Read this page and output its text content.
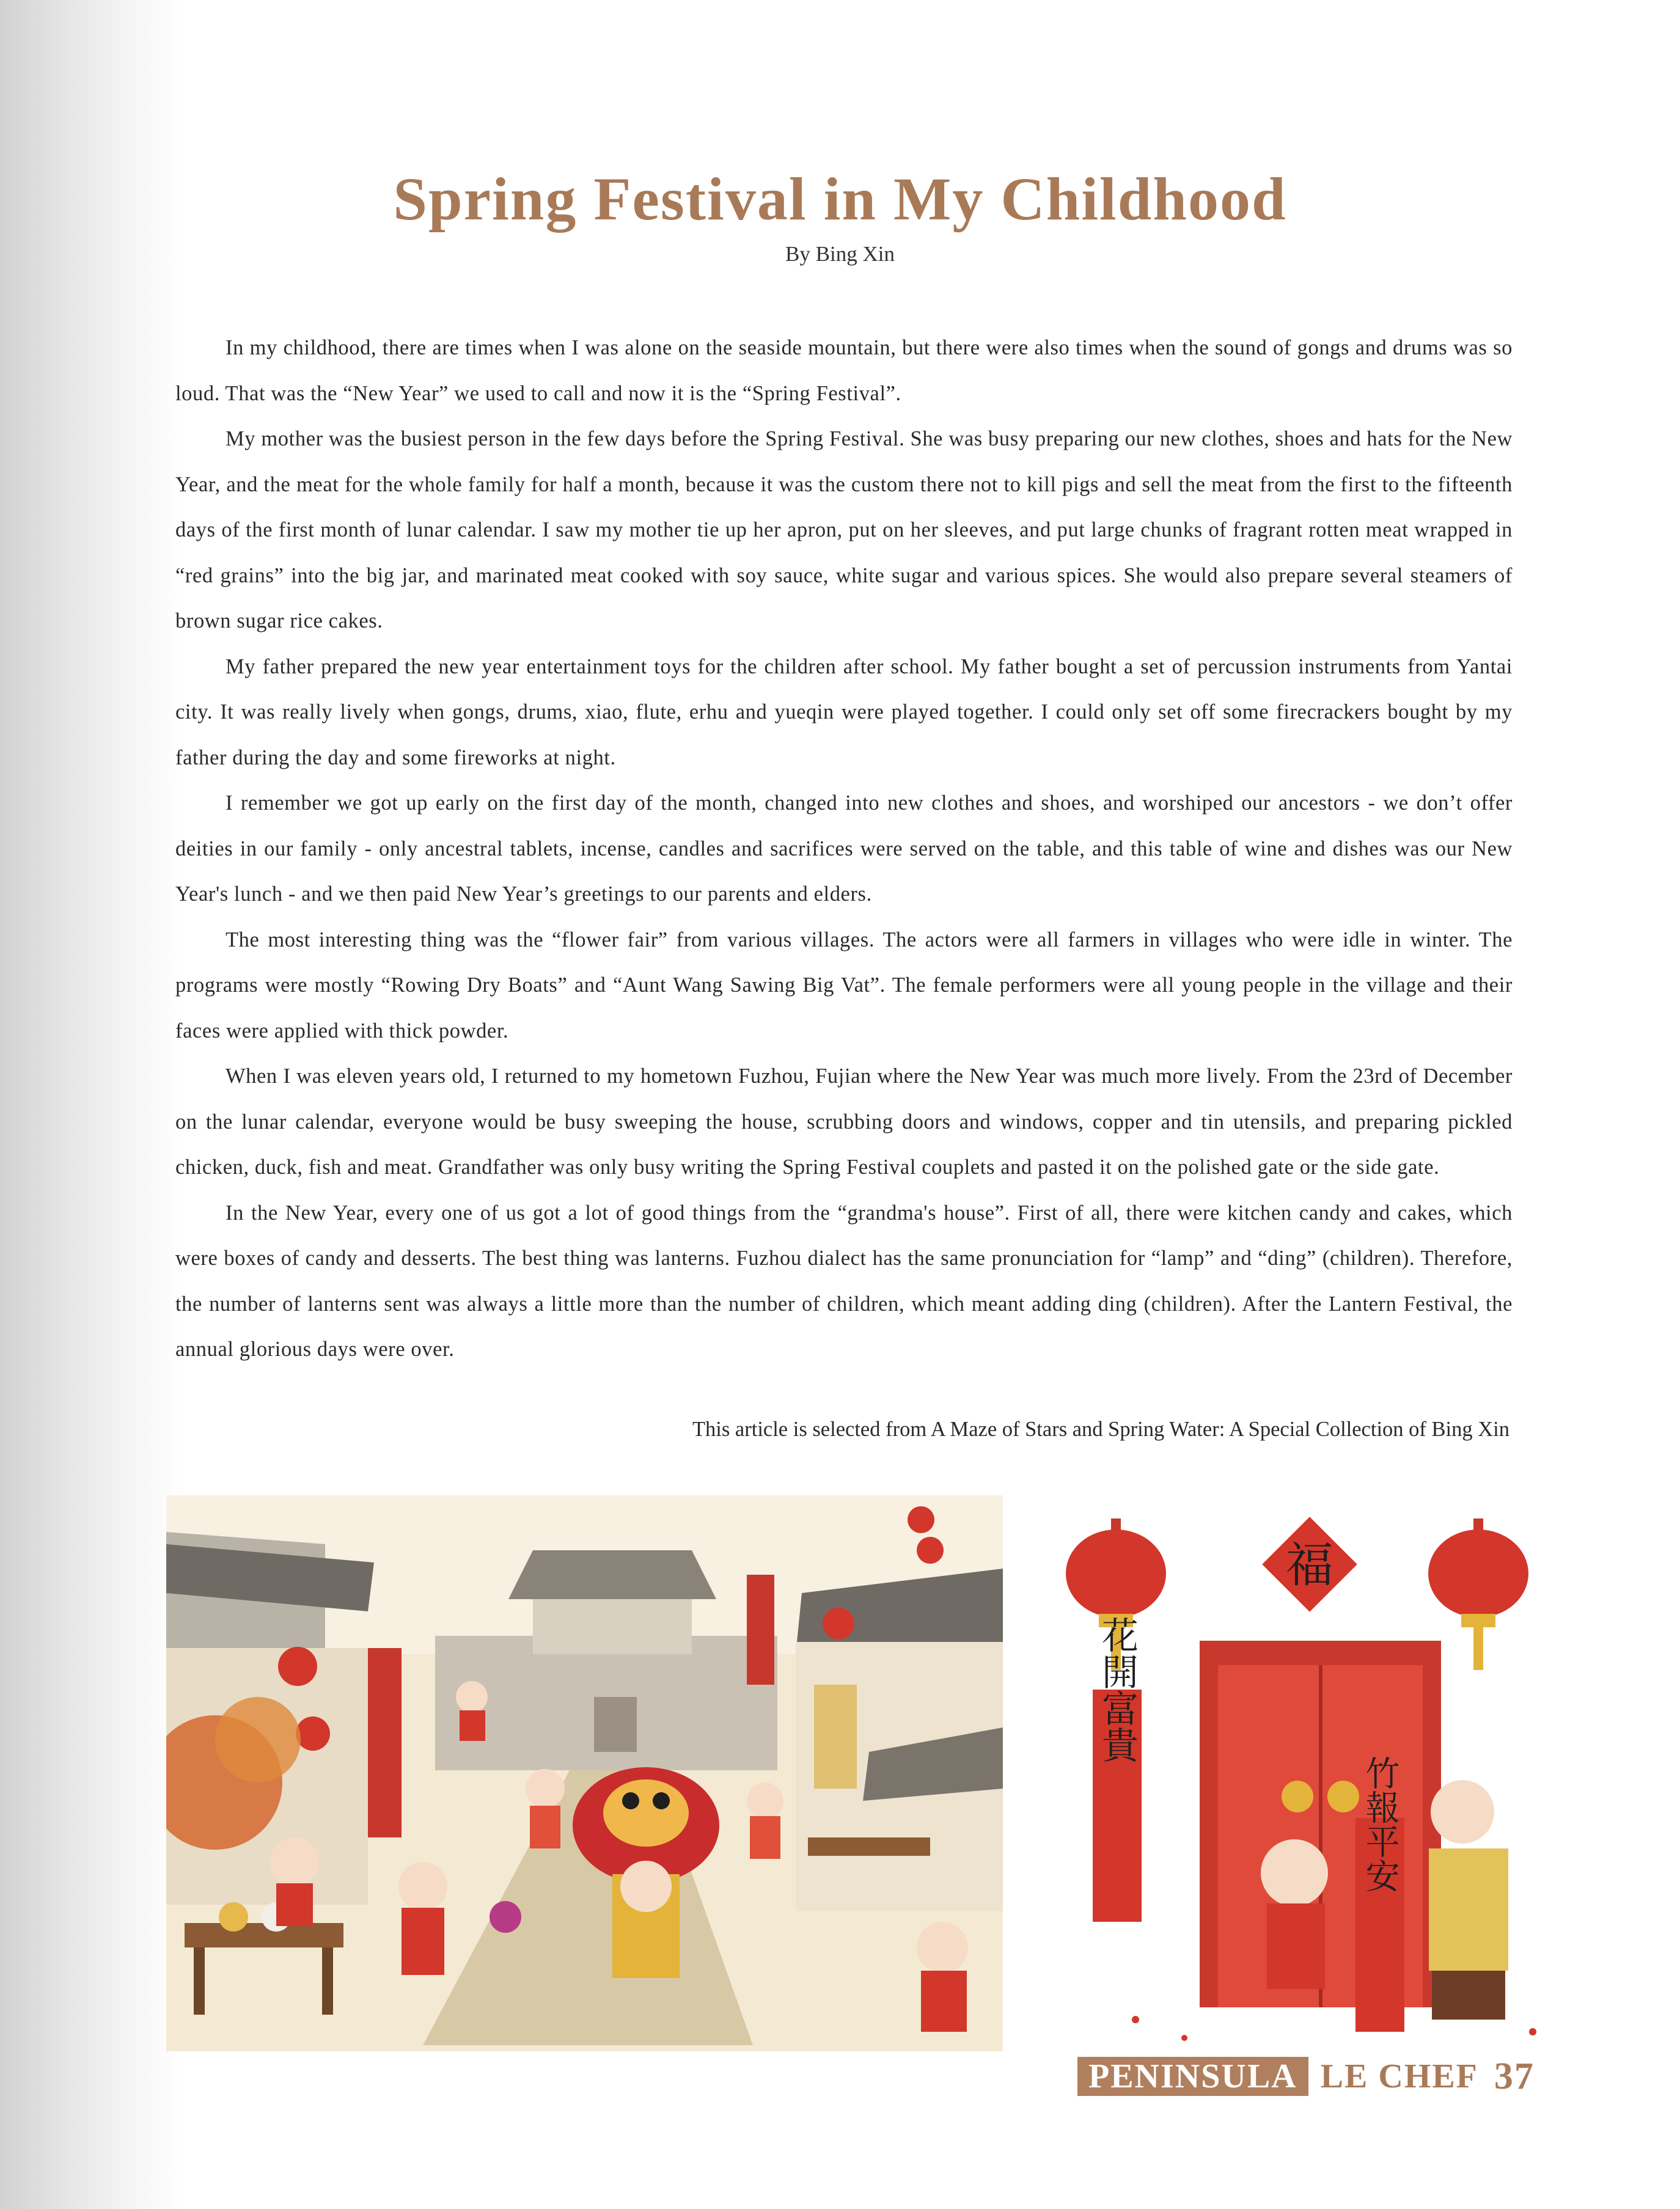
Spring Festival in My Childhood
By Bing Xin

In my childhood, there are times when I was alone on the seaside mountain, but there were also times when the sound of gongs and drums was so loud. That was the “New Year” we used to call and now it is the “Spring Festival”.

My mother was the busiest person in the few days before the Spring Festival. She was busy preparing our new clothes, shoes and hats for the New Year, and the meat for the whole family for half a month, because it was the custom there not to kill pigs and sell the meat from the first to the fifteenth days of the first month of lunar calendar. I saw my mother tie up her apron, put on her sleeves, and put large chunks of fragrant rotten meat wrapped in “red grains” into the big jar, and marinated meat cooked with soy sauce, white sugar and various spices. She would also prepare several steamers of brown sugar rice cakes.

My father prepared the new year entertainment toys for the children after school. My father bought a set of percussion instruments from Yantai city. It was really lively when gongs, drums, xiao, flute, erhu and yueqin were played together. I could only set off some firecrackers bought by my father during the day and some fireworks at night.

I remember we got up early on the first day of the month, changed into new clothes and shoes, and worshiped our ancestors - we don’t offer deities in our family - only ancestral tablets, incense, candles and sacrifices were served on the table, and this table of wine and dishes was our New Year's lunch - and we then paid New Year’s greetings to our parents and elders.

The most interesting thing was the “flower fair” from various villages. The actors were all farmers in villages who were idle in winter. The programs were mostly “Rowing Dry Boats” and “Aunt Wang Sawing Big Vat”. The female performers were all young people in the village and their faces were applied with thick powder.

When I was eleven years old, I returned to my hometown Fuzhou, Fujian where the New Year was much more lively. From the 23rd of December on the lunar calendar, everyone would be busy sweeping the house, scrubbing doors and windows, copper and tin utensils, and preparing pickled chicken, duck, fish and meat. Grandfather was only busy writing the Spring Festival couplets and pasted it on the polished gate or the side gate.

In the New Year, every one of us got a lot of good things from the “grandma's house”. First of all, there were kitchen candy and cakes, which were boxes of candy and desserts. The best thing was lanterns. Fuzhou dialect has the same pronunciation for “lamp” and “ding” (children). Therefore, the number of lanterns sent was always a little more than the number of children, which meant adding ding (children). After the Lantern Festival, the annual glorious days were over.

This article is selected from A Maze of Stars and Spring Water: A Special Collection of Bing Xin
福
花開富貴
竹報平安
PENINSULA LE CHEF 37
